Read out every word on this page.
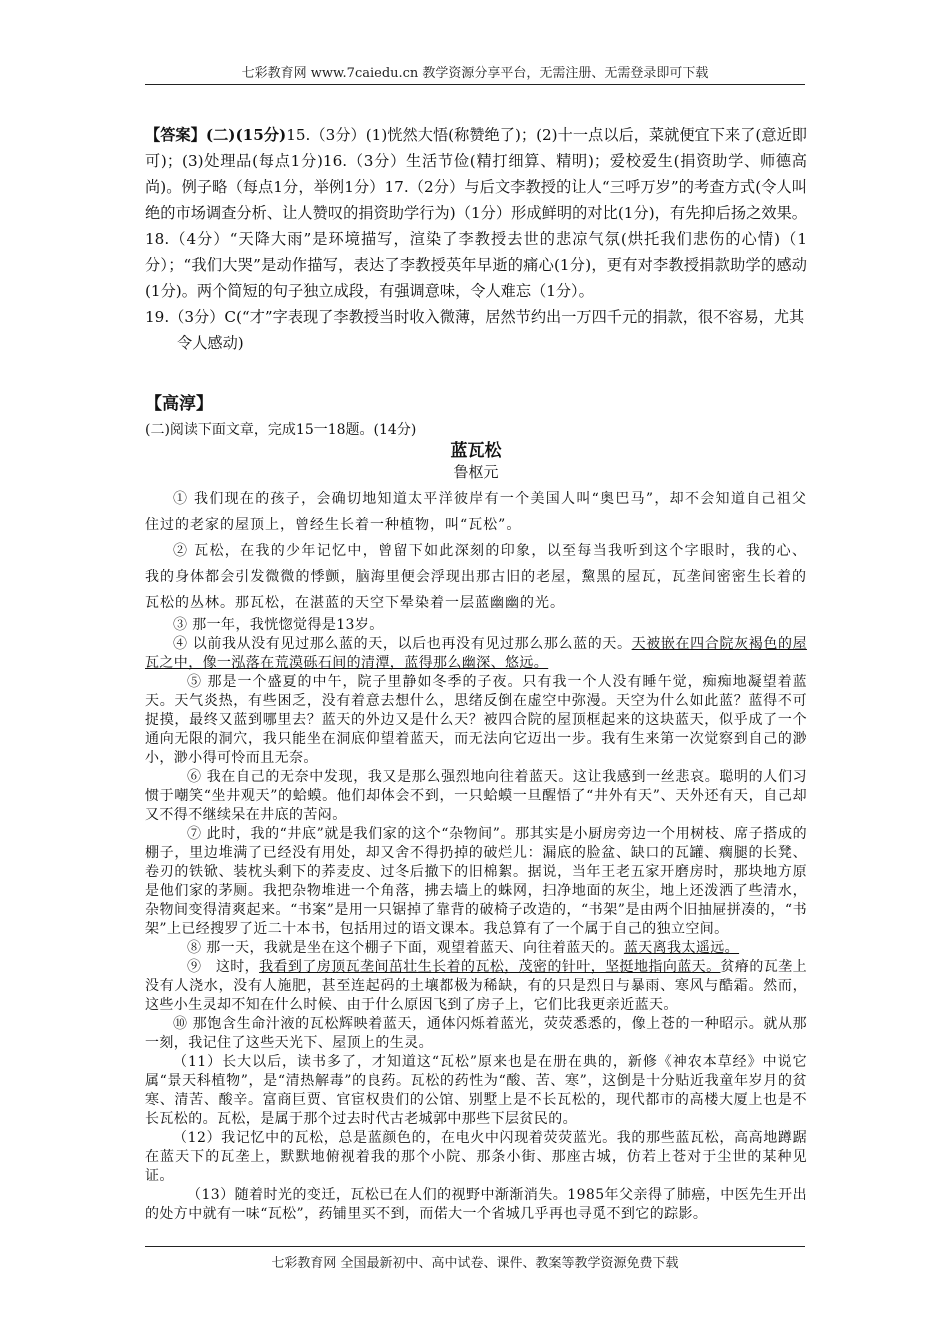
七彩教育网 www.7caiedu.cn 教学资源分享平台，无需注册、无需登录即可下载

【答案】(二)(15分)15.（3分）(1)恍然大悟(称赞绝了)；(2)十一点以后，菜就便宜下来了(意近即可)；(3)处理品(每点1分)16.（3分）生活节俭(精打细算、精明)；爱校爱生(捐资助学、师德高尚)。例子略（每点1分，举例1分）17.（2分）与后文李教授的让人“三呼万岁”的考查方式(令人叫绝的市场调查分析、让人赞叹的捐资助学行为)（1分）形成鲜明的对比(1分)，有先抑后扬之效果。18.（4分）“天降大雨”是环境描写，渲染了李教授去世的悲凉气氛(烘托我们悲伤的心情)（1分）；“我们大哭”是动作描写，表达了李教授英年早逝的痛心(1分)，更有对李教授捐款助学的感动(1分)。两个简短的句子独立成段，有强调意味，令人难忘（1分）。

19.（3分）C(“才”字表现了李教授当时收入微薄，居然节约出一万四千元的捐款，很不容易，尤其令人感动)

【高淳】

(二)阅读下面文章，完成15一18题。(14分)

蓝瓦松

鲁枢元

① 我们现在的孩子，会确切地知道太平洋彼岸有一个美国人叫“奥巴马”，却不会知道自己祖父住过的老家的屋顶上，曾经生长着一种植物，叫“瓦松”。

② 瓦松，在我的少年记忆中，曾留下如此深刻的印象，以至每当我听到这个字眼时，我的心、我的身体都会引发微微的悸颤，脑海里便会浮现出那古旧的老屋，黧黑的屋瓦，瓦垄间密密生长着的瓦松的丛林。那瓦松，在湛蓝的天空下晕染着一层蓝幽幽的光。

③ 那一年，我恍惚觉得是13岁。

④ 以前我从没有见过那么蓝的天，以后也再没有见过那么那么蓝的天。天被嵌在四合院灰褐色的屋瓦之中，像一泓落在荒漠砾石间的清潭，蓝得那么幽深、悠远。

⑤ 那是一个盛夏的中午，院子里静如冬季的子夜。只有我一个人没有睡午觉，痴痴地凝望着蓝天。天气炎热，有些困乏，没有着意去想什么，思绪反倒在虚空中弥漫。天空为什么如此蓝？蓝得不可捉摸，最终又蓝到哪里去？蓝天的外边又是什么天？被四合院的屋顶框起来的这块蓝天，似乎成了一个通向无限的洞穴，我只能坐在洞底仰望着蓝天，而无法向它迈出一步。我有生来第一次觉察到自己的渺小，渺小得可怜而且无奈。

⑥ 我在自己的无奈中发现，我又是那么强烈地向往着蓝天。这让我感到一丝悲哀。聪明的人们习惯于嘲笑“坐井观天”的蛤蟆。他们却体会不到，一只蛤蟆一旦醒悟了“井外有天”、天外还有天，自己却又不得不继续呆在井底的苦闷。

⑦ 此时，我的“井底”就是我们家的这个“杂物间”。那其实是小厨房旁边一个用树枝、席子搭成的棚子，里边堆满了已经没有用处，却又舍不得扔掉的破烂儿：漏底的脸盆、缺口的瓦罐、瘸腿的长凳、卷刃的铁锨、装枕头剩下的荞麦皮、过冬后撤下的旧棉絮。据说，当年王老五家开磨房时，那块地方原是他们家的茅厕。我把杂物堆进一个角落，拂去墙上的蛛网，扫净地面的灰尘，地上还泼洒了些清水，杂物间变得清爽起来。“书案”是用一只锯掉了靠背的破椅子改造的，“书架”是由两个旧抽屉拼凑的，“书架”上已经搜罗了近二十本书，包括用过的语文课本。我总算有了一个属于自己的独立空间。

⑧ 那一天，我就是坐在这个棚子下面，观望着蓝天、向往着蓝天的。蓝天离我太遥远。

⑨　这时，我看到了房顶瓦垄间茁壮生长着的瓦松，茂密的针叶，坚挺地指向蓝天。贫瘠的瓦垄上没有人浇水，没有人施肥，甚至连起码的土壤都极为稀缺，有的只是烈日与暴雨、寒风与酷霜。然而，这些小生灵却不知在什么时候、由于什么原因飞到了房子上，它们比我更亲近蓝天。

⑩ 那饱含生命汁液的瓦松辉映着蓝天，通体闪烁着蓝光，荧荧悉悉的，像上苍的一种昭示。就从那一刻，我记住了这些天光下、屋顶上的生灵。

（11）长大以后，读书多了，才知道这“瓦松”原来也是在册在典的，新修《神农本草经》中说它属“景天科植物”，是“清热解毒”的良药。瓦松的药性为“酸、苦、寒”，这倒是十分贴近我童年岁月的贫寒、清苦、酸辛。富商巨贾、官宦权贵们的公馆、别墅上是不长瓦松的，现代都市的高楼大厦上也是不长瓦松的。瓦松，是属于那个过去时代古老城郭中那些下层贫民的。

（12）我记忆中的瓦松，总是蓝颜色的，在电火中闪现着荧荧蓝光。我的那些蓝瓦松，高高地蹲踞在蓝天下的瓦垄上，默默地俯视着我的那个小院、那条小街、那座古城，仿若上苍对于尘世的某种见证。

（13）随着时光的变迁，瓦松已在人们的视野中渐渐消失。1985年父亲得了肺癌，中医先生开出的处方中就有一味“瓦松”，药铺里买不到，而偌大一个省城几乎再也寻觅不到它的踪影。

七彩教育网 全国最新初中、高中试卷、课件、教案等教学资源免费下载
